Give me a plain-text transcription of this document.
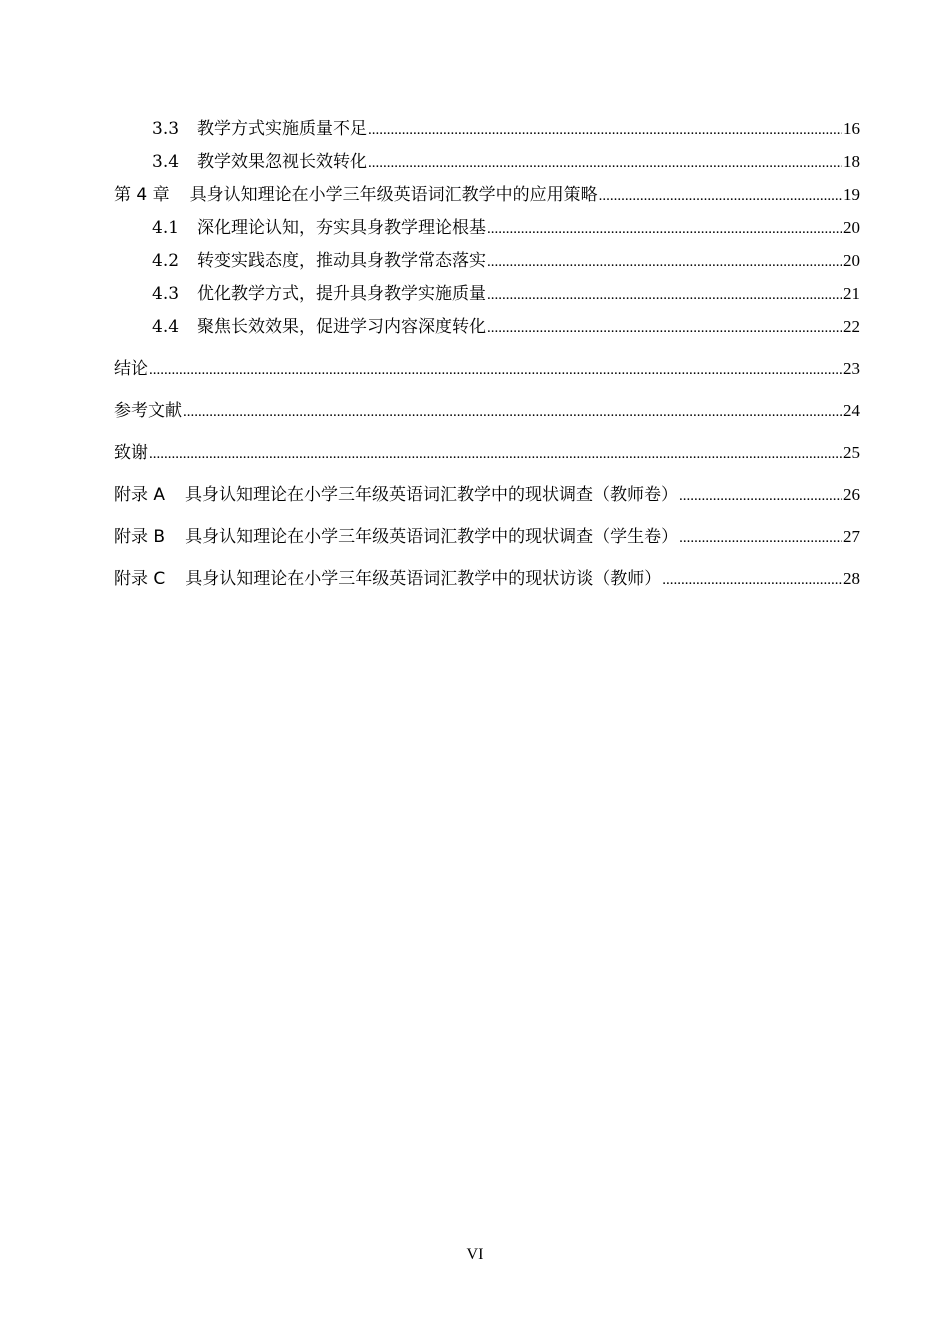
3.3 教学方式实施质量不足 .....	16
3.4 教学效果忽视长效转化 .....	18
第 4 章 具身认知理论在小学三年级英语词汇教学中的应用策略 .....	19
4.1 深化理论认知，夯实具身教学理论根基 .....	20
4.2 转变实践态度，推动具身教学常态落实 .....	20
4.3 优化教学方式，提升具身教学实施质量 .....	21
4.4 聚焦长效效果，促进学习内容深度转化 .....	22
结论 .....	23
参考文献 .....	24
致谢 .....	25
附录 A 具身认知理论在小学三年级英语词汇教学中的现状调查（教师卷） .....	26
附录 B 具身认知理论在小学三年级英语词汇教学中的现状调查（学生卷） .....	27
附录 C 具身认知理论在小学三年级英语词汇教学中的现状访谈（教师） .....	28
VI
